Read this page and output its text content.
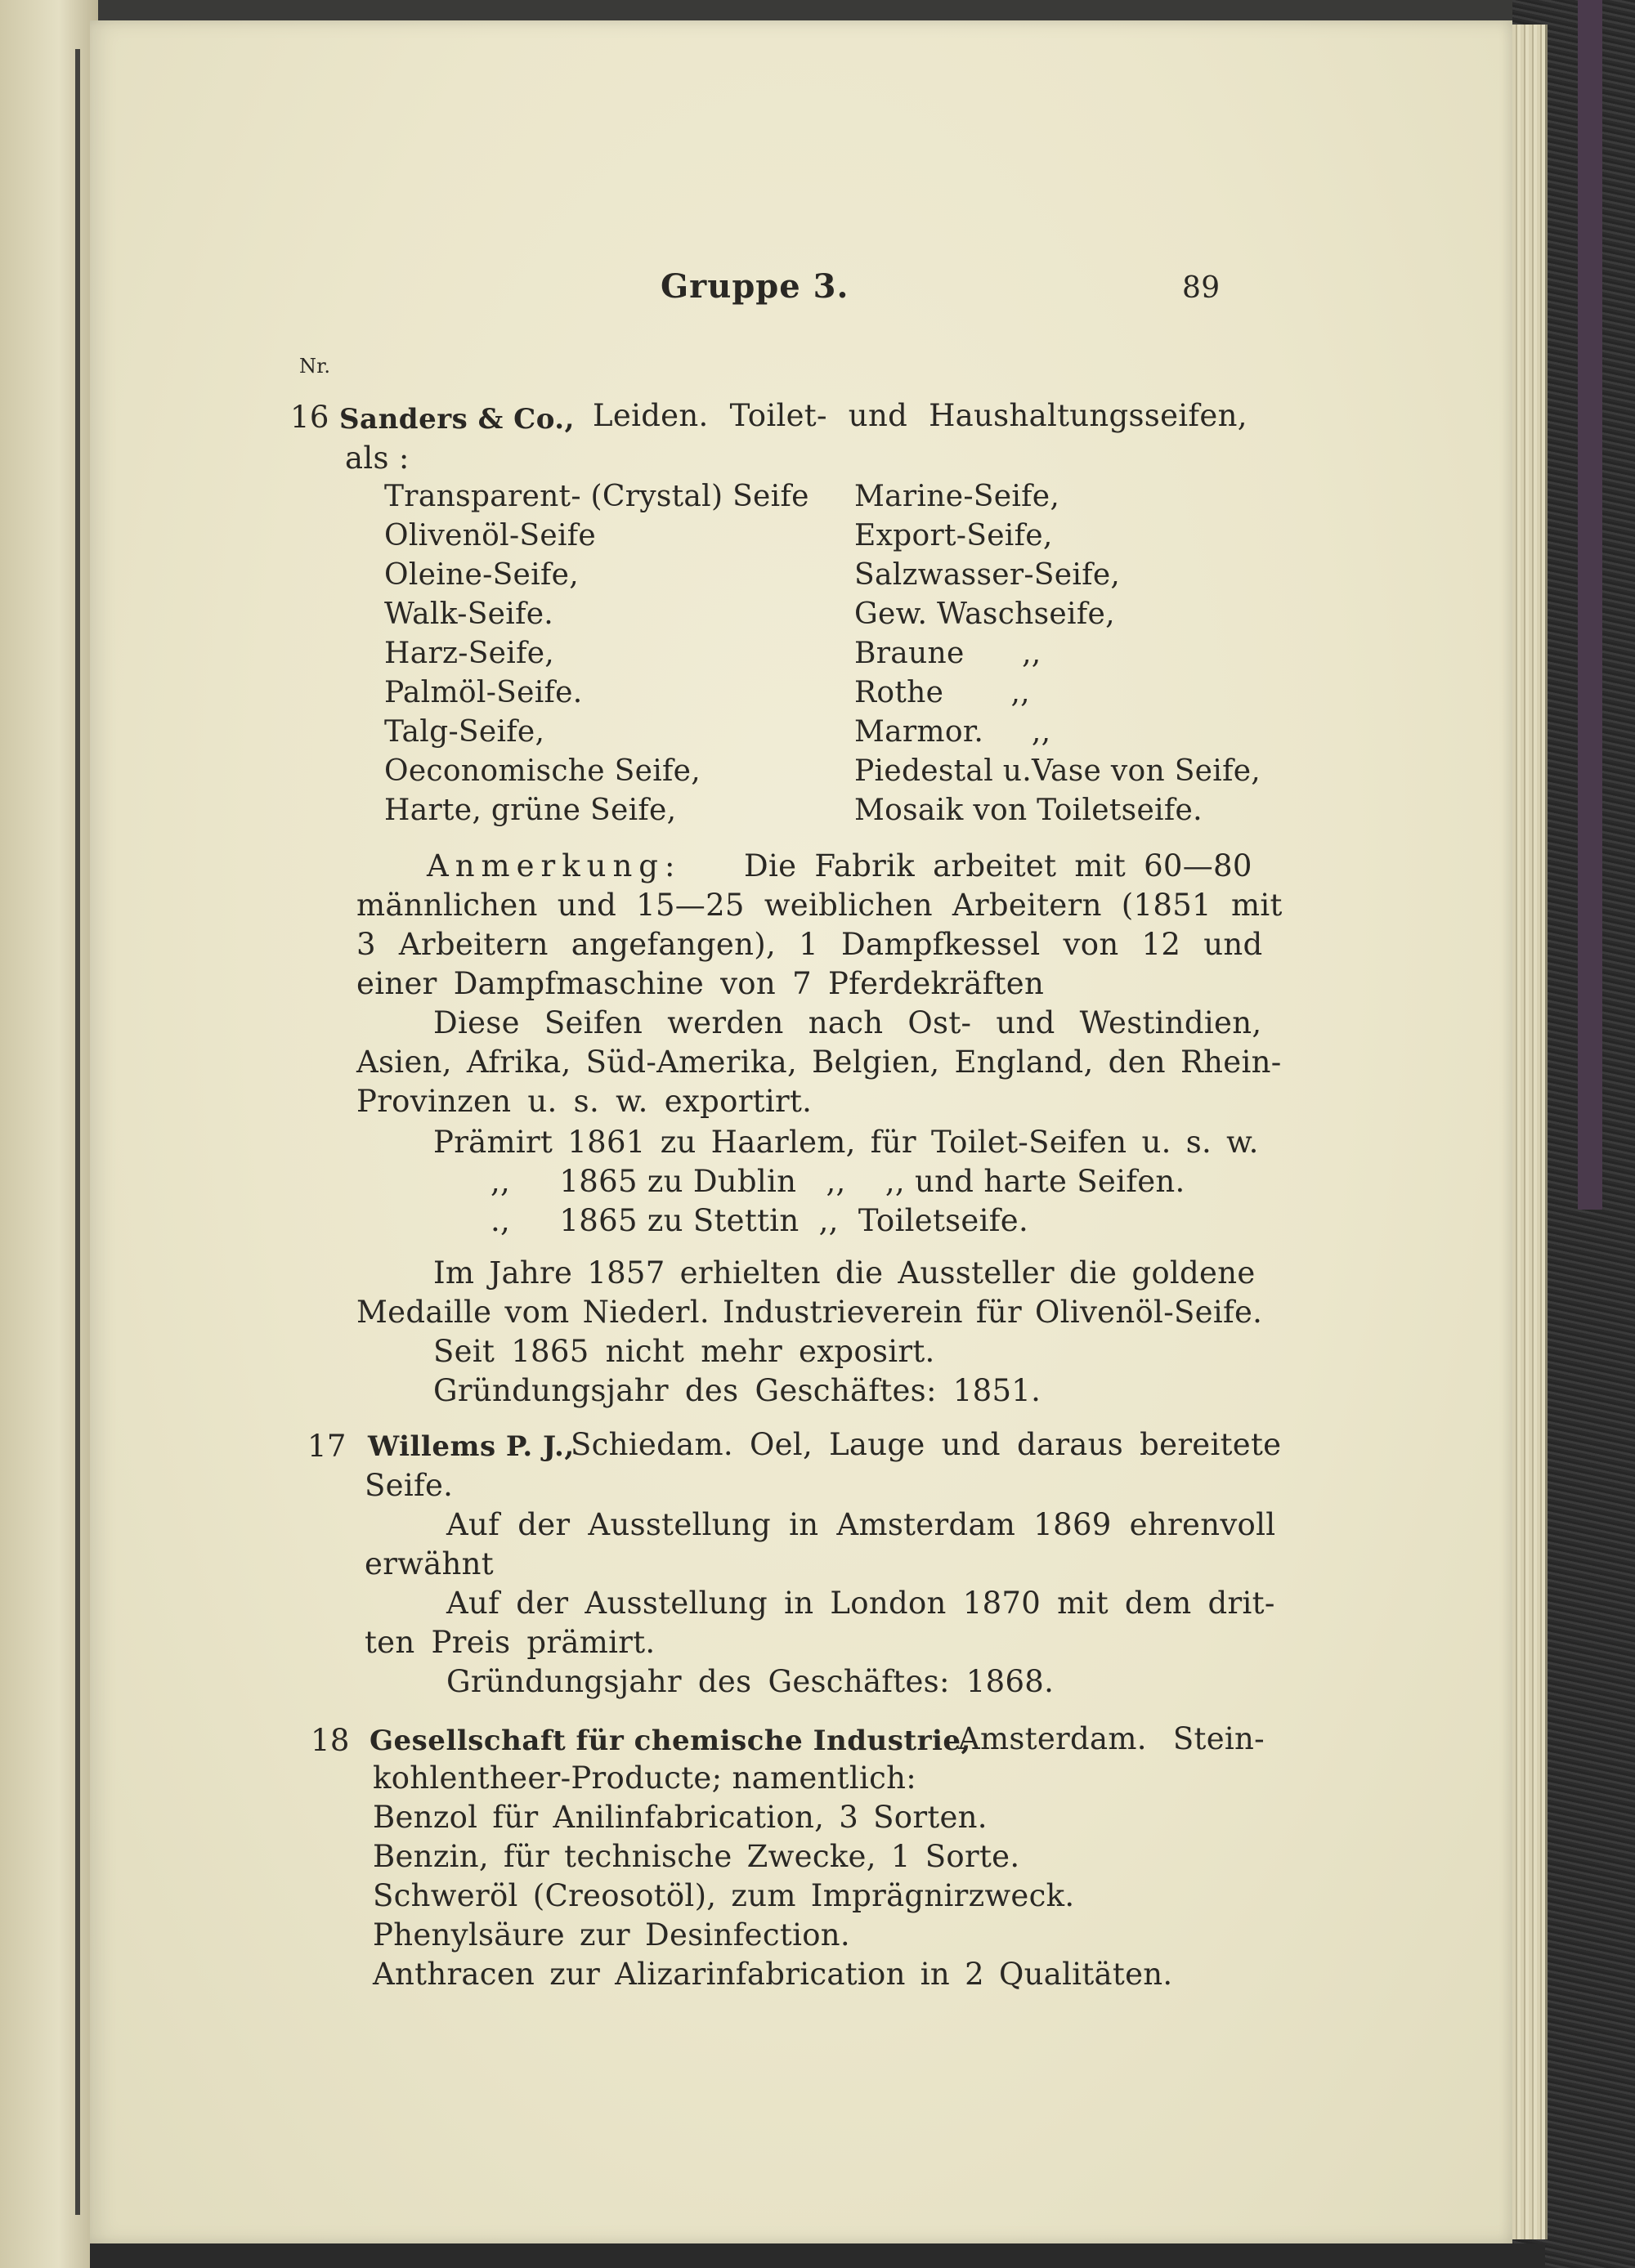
Gruppe 3.	89
Nr.
16 Sanders & Co., Leiden. Toilet- und Haushaltungsseifen,
als :
Transparent- (Crystal) Seife
Olivenöl-Seife
Oleine-Seife,
Walk-Seife.
Harz-Seife,
Palmöl-Seife.
Talg-Seife,
Oeconomische Seife,
Harte, grüne Seife,
Marine-Seife,
Export-Seife,
Salzwasser-Seife,
Gew. Waschseife,
Braune      ,,
Rothe       ,,
Marmor.     ,,
Piedestal u.Vase von Seife,
Mosaik von Toiletseife.
Anmerkung: Die Fabrik arbeitet mit 60—80
männlichen und 15—25 weiblichen Arbeitern (1851 mit
3 Arbeitern angefangen), 1 Dampfkessel von 12 und
einer Dampfmaschine von 7 Pferdekräften
Diese Seifen werden nach Ost- und Westindien,
Asien, Afrika, Süd-Amerika, Belgien, England, den Rhein-
Provinzen u. s. w. exportirt.
Prämirt 1861 zu Haarlem, für Toilet-Seifen u. s. w.
,,     1865 zu Dublin   ,,    ,, und harte Seifen.
.,     1865 zu Stettin  ,,  Toiletseife.
Im Jahre 1857 erhielten die Aussteller die goldene
Medaille vom Niederl. Industrieverein für Olivenöl-Seife.
Seit 1865 nicht mehr exposirt.
Gründungsjahr des Geschäftes: 1851.
17 Willems P. J.,
Schiedam. Oel, Lauge und daraus bereitete
Seife.
Auf der Ausstellung in Amsterdam 1869 ehrenvoll
erwähnt
Auf der Ausstellung in London 1870 mit dem drit-
ten Preis prämirt.
Gründungsjahr des Geschäftes: 1868.
18 Gesellschaft für chemische Industrie,
Amsterdam. Stein-
kohlentheer-Producte; namentlich:
Benzol für Anilinfabrication, 3 Sorten.
Benzin, für technische Zwecke, 1 Sorte.
Schweröl (Creosotöl), zum Imprägnirzweck.
Phenylsäure zur Desinfection.
Anthracen zur Alizarinfabrication in 2 Qualitäten.
